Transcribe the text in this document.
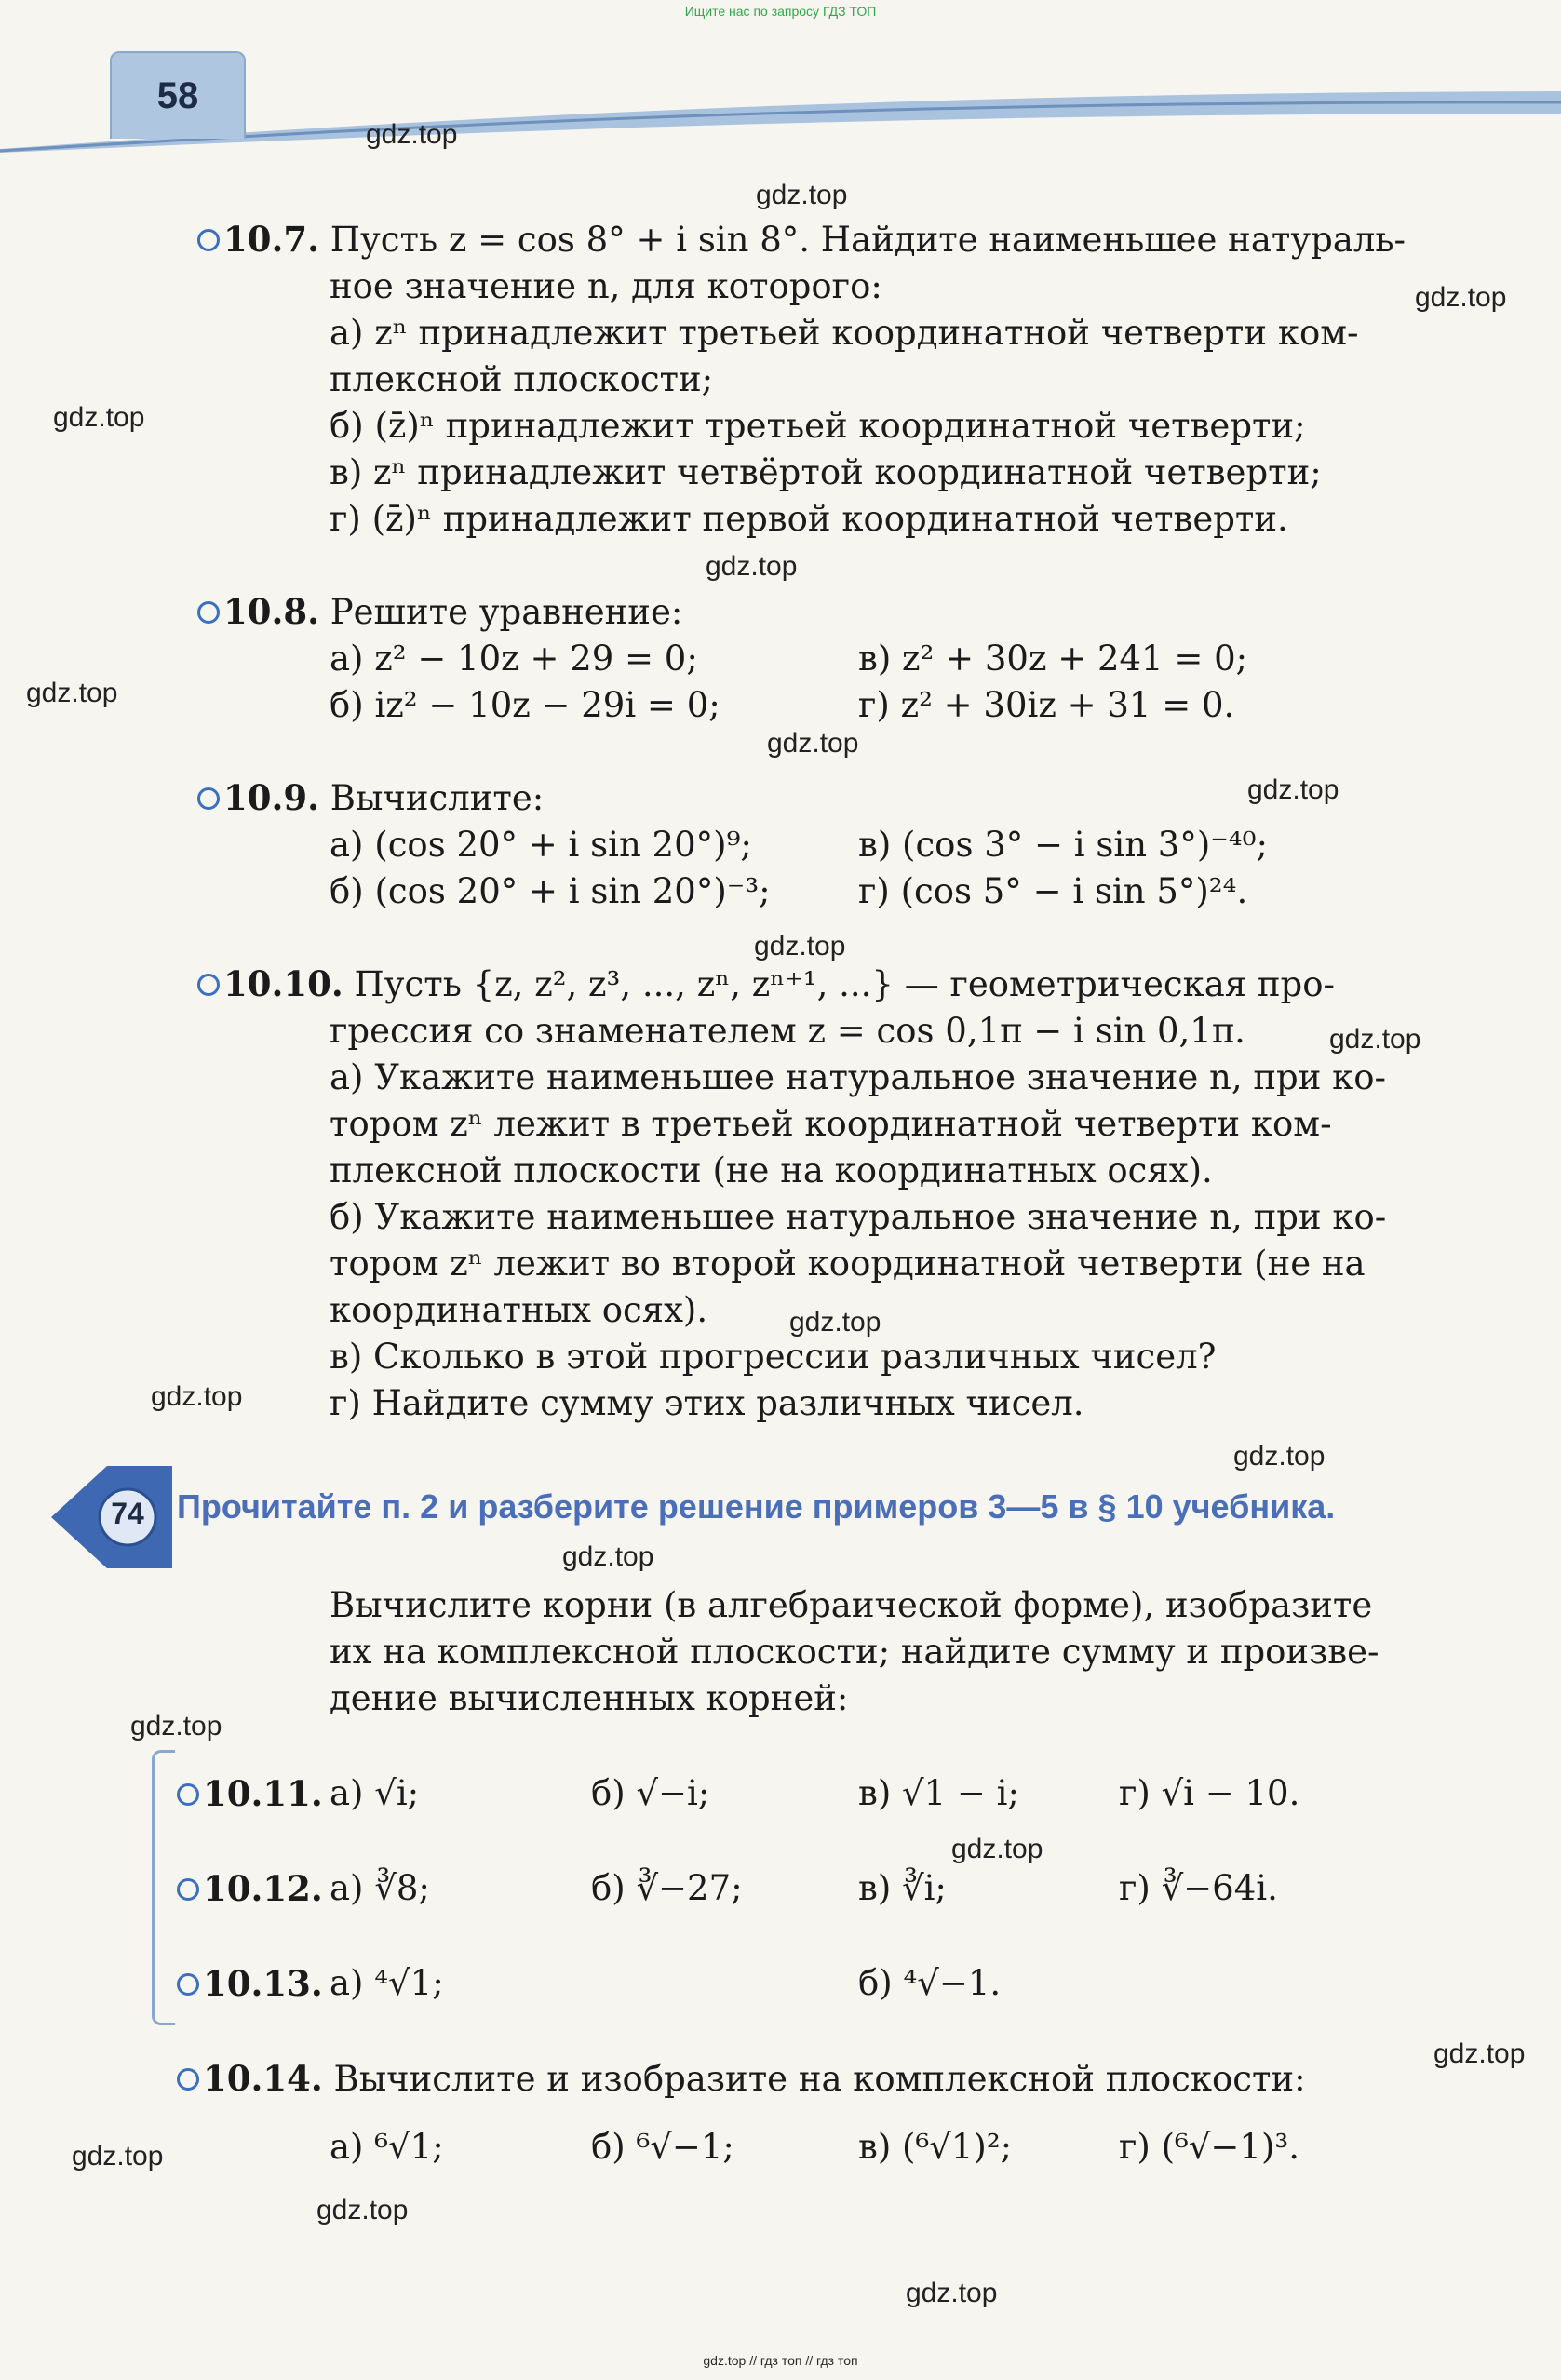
Ищите нас по запросу ГДЗ ТОП
58
10.7. Пусть z = cos 8° + i sin 8°. Найдите наименьшее натураль-
ное значение n, для которого:
а) zⁿ принадлежит третьей координатной четверти ком-
плексной плоскости;
б) (z̄)ⁿ принадлежит третьей координатной четверти;
в) zⁿ принадлежит четвёртой координатной четверти;
г) (z̄)ⁿ принадлежит первой координатной четверти.
10.8. Решите уравнение:
а) z² − 10z + 29 = 0;	в) z² + 30z + 241 = 0;
б) iz² − 10z − 29i = 0;	г) z² + 30iz + 31 = 0.
10.9. Вычислите:
а) (cos 20° + i sin 20°)⁹;	в) (cos 3° − i sin 3°)⁻⁴⁰;
б) (cos 20° + i sin 20°)⁻³;	г) (cos 5° − i sin 5°)²⁴.
10.10. Пусть {z, z², z³, ..., zⁿ, zⁿ⁺¹, ...} — геометрическая про-
грессия со знаменателем z = cos 0,1π − i sin 0,1π.
а) Укажите наименьшее натуральное значение n, при ко-
тором zⁿ лежит в третьей координатной четверти ком-
плексной плоскости (не на координатных осях).
б) Укажите наименьшее натуральное значение n, при ко-
тором zⁿ лежит во второй координатной четверти (не на
координатных осях).
в) Сколько в этой прогрессии различных чисел?
г) Найдите сумму этих различных чисел.
74 Прочитайте п. 2 и разберите решение примеров 3—5 в § 10 учебника.
Вычислите корни (в алгебраической форме), изобразите
их на комплексной плоскости; найдите сумму и произве-
дение вычисленных корней:
10.11. а) √i;	б) √−i;	в) √1 − i;	г) √i − 10.
10.12. а) ∛8;	б) ∛−27;	в) ∛i;	г) ∛−64i.
10.13. а) ⁴√1;	б) ⁴√−1.
10.14. Вычислите и изобразите на комплексной плоскости:
а) ⁶√1;	б) ⁶√−1;	в) (⁶√1)²;	г) (⁶√−1)³.
gdz.top
gdz.top
gdz.top
gdz.top
gdz.top
gdz.top
gdz.top
gdz.top
gdz.top
gdz.top
gdz.top
gdz.top
gdz.top
gdz.top
gdz.top
gdz.top
gdz.top
gdz.top
gdz.top
gdz.top
gdz.top // гдз топ // гдз топ
